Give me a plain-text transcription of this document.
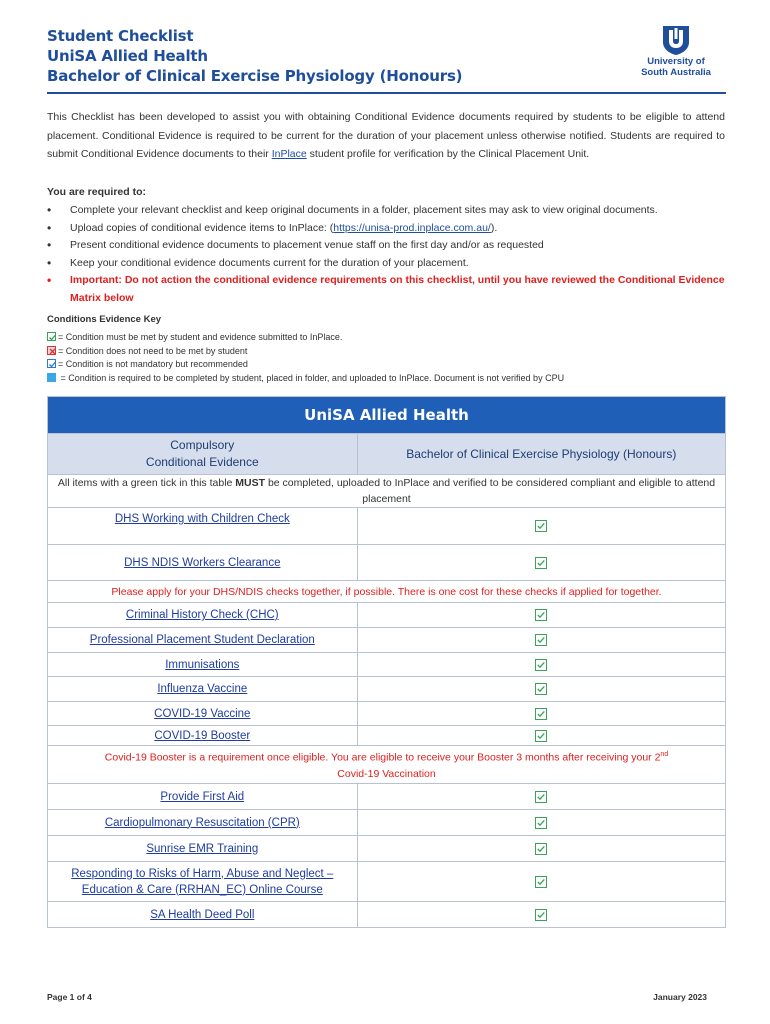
Student Checklist
UniSA Allied Health
Bachelor of Clinical Exercise Physiology (Honours)
University of
South Australia
This Checklist has been developed to assist you with obtaining Conditional Evidence documents required by students to be eligible to attend placement. Conditional Evidence is required to be current for the duration of your placement unless otherwise notified. Students are required to submit Conditional Evidence documents to their InPlace student profile for verification by the Clinical Placement Unit.
You are required to:
• Complete your relevant checklist and keep original documents in a folder, placement sites may ask to view original documents.
• Upload copies of conditional evidence items to InPlace: (https://unisa-prod.inplace.com.au/).
• Present conditional evidence documents to placement venue staff on the first day and/or as requested
• Keep your conditional evidence documents current for the duration of your placement.
• Important: Do not action the conditional evidence requirements on this checklist, until you have reviewed the Conditional Evidence Matrix below
Conditions Evidence Key
= Condition must be met by student and evidence submitted to InPlace.
= Condition does not need to be met by student
= Condition is not mandatory but recommended
= Condition is required to be completed by student, placed in folder, and uploaded to InPlace. Document is not verified by CPU
UniSA Allied Health	
Compulsory
Conditional Evidence	Bachelor of Clinical Exercise Physiology (Honours)
All items with a green tick in this table MUST be completed, uploaded to InPlace and verified to be considered compliant and eligible to attend placement	
DHS Working with Children Check	

DHS NDIS Workers Clearance	

Please apply for your DHS/NDIS checks together, if possible. There is one cost for these checks if applied for together.	
Criminal History Check (CHC)	

Professional Placement Student Declaration	

Immunisations	

Influenza Vaccine	

COVID-19 Vaccine	

COVID-19 Booster	

Covid-19 Booster is a requirement once eligible. You are eligible to receive your Booster 3 months after receiving your 2nd
Covid-19 Vaccination	
Provide First Aid	

Cardiopulmonary Resuscitation (CPR)	

Sunrise EMR Training	

Responding to Risks of Harm, Abuse and Neglect –
Education & Care (RRHAN_EC) Online Course	

SA Health Deed Poll	
Page 1 of 4	January 2023
